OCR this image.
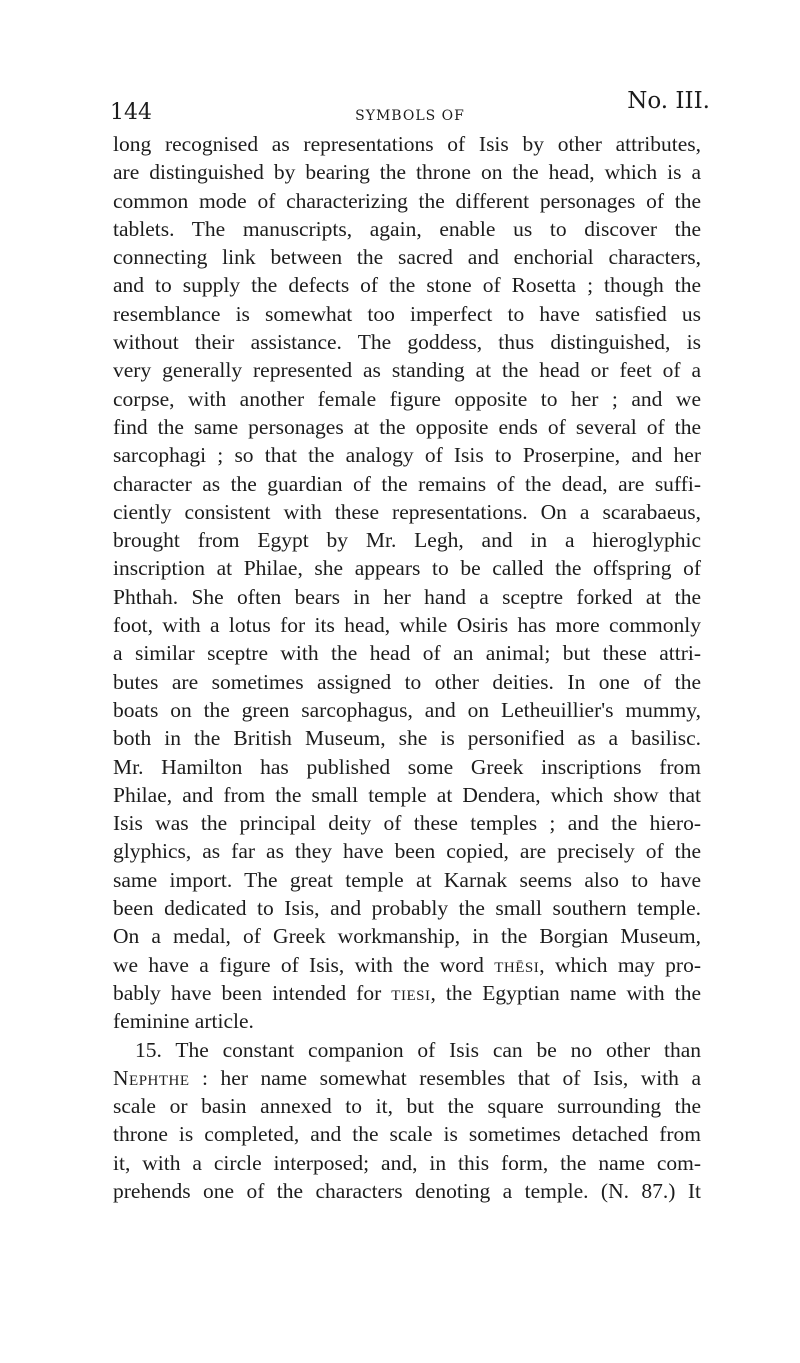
144	SYMBOLS OF
No. III.
long recognised as representations of Isis by other attributes,
are distinguished by bearing the throne on the head, which is a
common mode of characterizing the different personages of the
tablets. The manuscripts, again, enable us to discover the
connecting link between the sacred and enchorial characters,
and to supply the defects of the stone of Rosetta ; though the
resemblance is somewhat too imperfect to have satisfied us
without their assistance. The goddess, thus distinguished, is
very generally represented as standing at the head or feet of a
corpse, with another female figure opposite to her ; and we
find the same personages at the opposite ends of several of the
sarcophagi ; so that the analogy of Isis to Proserpine, and her
character as the guardian of the remains of the dead, are suffi-
ciently consistent with these representations. On a scarabaeus,
brought from Egypt by Mr. Legh, and in a hieroglyphic
inscription at Philae, she appears to be called the offspring of
Phthah. She often bears in her hand a sceptre forked at the
foot, with a lotus for its head, while Osiris has more commonly
a similar sceptre with the head of an animal; but these attri-
butes are sometimes assigned to other deities. In one of the
boats on the green sarcophagus, and on Letheuillier's mummy,
both in the British Museum, she is personified as a basilisc.
Mr. Hamilton has published some Greek inscriptions from
Philae, and from the small temple at Dendera, which show that
Isis was the principal deity of these temples ; and the hiero-
glyphics, as far as they have been copied, are precisely of the
same import. The great temple at Karnak seems also to have
been dedicated to Isis, and probably the small southern temple.
On a medal, of Greek workmanship, in the Borgian Museum,
we have a figure of Isis, with the word thēsi, which may pro-
bably have been intended for tiesi, the Egyptian name with the
feminine article.
15. The constant companion of Isis can be no other than
Nephthe : her name somewhat resembles that of Isis, with a
scale or basin annexed to it, but the square surrounding the
throne is completed, and the scale is sometimes detached from
it, with a circle interposed; and, in this form, the name com-
prehends one of the characters denoting a temple. (N. 87.) It
